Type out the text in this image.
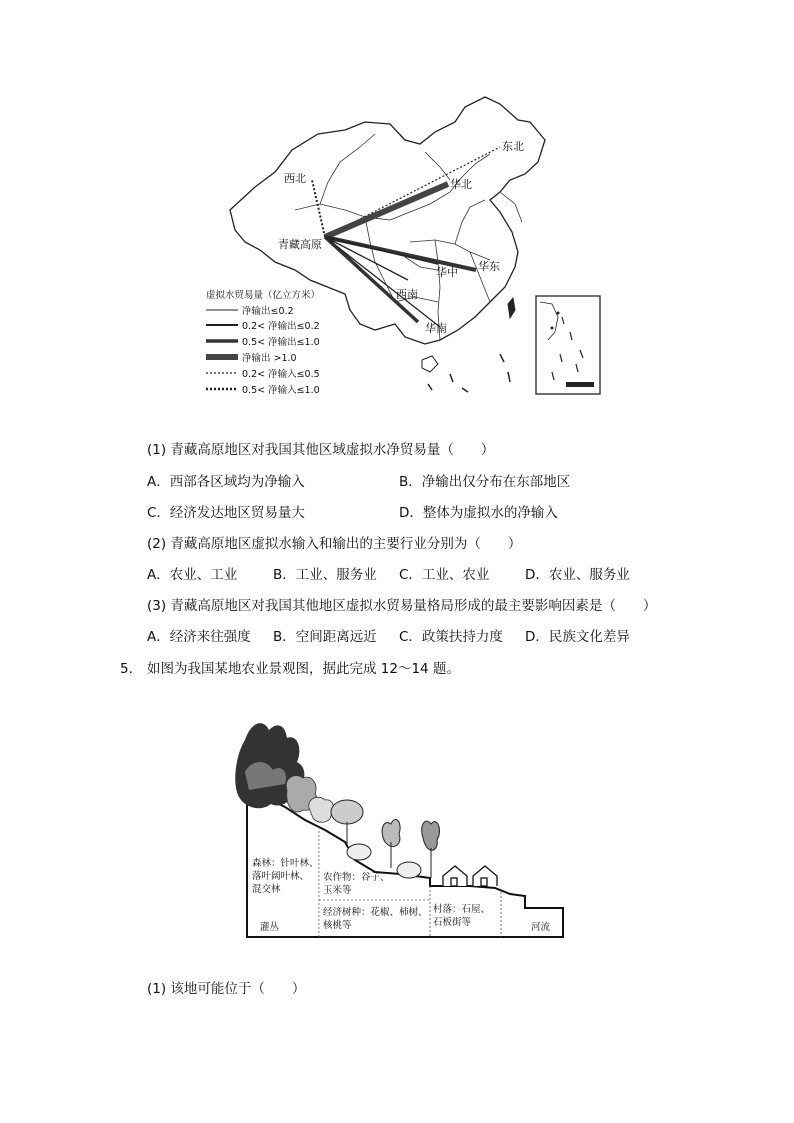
西北
东北
华北
青藏高原
华中 华东
西南
华南
虚拟水贸易量（亿立方米）
净输出≤0.2
0.2< 净输出≤0.2
0.5< 净输出≤1.0
净输出 >1.0
0.2< 净输入≤0.5
0.5< 净输入≤1.0
(1) 青藏高原地区对我国其他区域虚拟水净贸易量（　　）
A．西部各区域均为净输入	B．净输出仅分布在东部地区
C．经济发达地区贸易量大	D．整体为虚拟水的净输入
(2) 青藏高原地区虚拟水输入和输出的主要行业分别为（　　）
A．农业、工业	B．工业、服务业 C．工业、农业	D．农业、服务业
(3) 青藏高原地区对我国其他地区虚拟水贸易量格局形成的最主要影响因素是（　　）
A．经济来往强度 B．空间距离远近 C．政策扶持力度 D．民族文化差异
5. 如图为我国某地农业景观图，据此完成 12～14 题。
森林：针叶林、
落叶阔叶林、
混交林
灌丛
农作物：谷子、
玉米等
经济树种：花椒、柿树、
核桃等
村落：石屋、
石板街等	河流
(1) 该地可能位于（　　）
